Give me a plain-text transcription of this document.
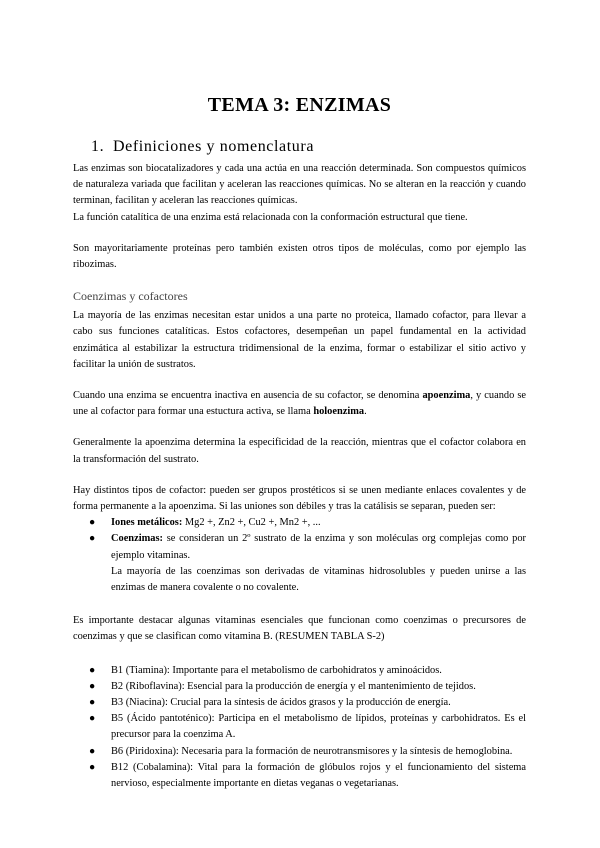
TEMA 3: ENZIMAS
1. Definiciones y nomenclatura

Las enzimas son biocatalizadores y cada una actúa en una reacción determinada. Son compuestos químicos de naturaleza variada que facilitan y aceleran las reacciones químicas. No se alteran en la reacción y cuando terminan, facilitan y aceleran las reacciones químicas.

La función catalítica de una enzima está relacionada con la conformación estructural que tiene.

Son mayoritariamente proteínas pero también existen otros tipos de moléculas, como por ejemplo las ribozimas.

Coenzimas y cofactores

La mayoría de las enzimas necesitan estar unidos a una parte no proteica, llamado cofactor, para llevar a cabo sus funciones catalíticas. Estos cofactores, desempeñan un papel fundamental en la actividad enzimática al estabilizar la estructura tridimensional de la enzima, formar o estabilizar el sitio activo y facilitar la unión de sustratos.

Cuando una enzima se encuentra inactiva en ausencia de su cofactor, se denomina apoenzima, y cuando se une al cofactor para formar una estuctura activa, se llama holoenzima.

Generalmente la apoenzima determina la especificidad de la reacción, mientras que el cofactor colabora en la transformación del sustrato.

Hay distintos tipos de cofactor: pueden ser grupos prostéticos si se unen mediante enlaces covalentes y de forma permanente a la apoenzima. Si las uniones son débiles y tras la catálisis se separan, pueden ser:

● Iones metálicos: Mg2 +, Zn2 +, Cu2 +, Mn2 +, ...
● Coenzimas: se consideran un 2º sustrato de la enzima y son moléculas org complejas como por ejemplo vitaminas.
La mayoría de las coenzimas son derivadas de vitaminas hidrosolubles y pueden unirse a las enzimas de manera covalente o no covalente.

Es importante destacar algunas vitaminas esenciales que funcionan como coenzimas o precursores de coenzimas y que se clasifican como vitamina B. (RESUMEN TABLA S-2)

● B1 (Tiamina): Importante para el metabolismo de carbohidratos y aminoácidos.
● B2 (Riboflavina): Esencial para la producción de energía y el mantenimiento de tejidos.
● B3 (Niacina): Crucial para la síntesis de ácidos grasos y la producción de energía.
● B5 (Ácido pantoténico): Participa en el metabolismo de lípidos, proteínas y carbohidratos. Es el precursor para la coenzima A.
● B6 (Piridoxina): Necesaria para la formación de neurotransmisores y la síntesis de hemoglobina.
● B12 (Cobalamina): Vital para la formación de glóbulos rojos y el funcionamiento del sistema nervioso, especialmente importante en dietas veganas o vegetarianas.
